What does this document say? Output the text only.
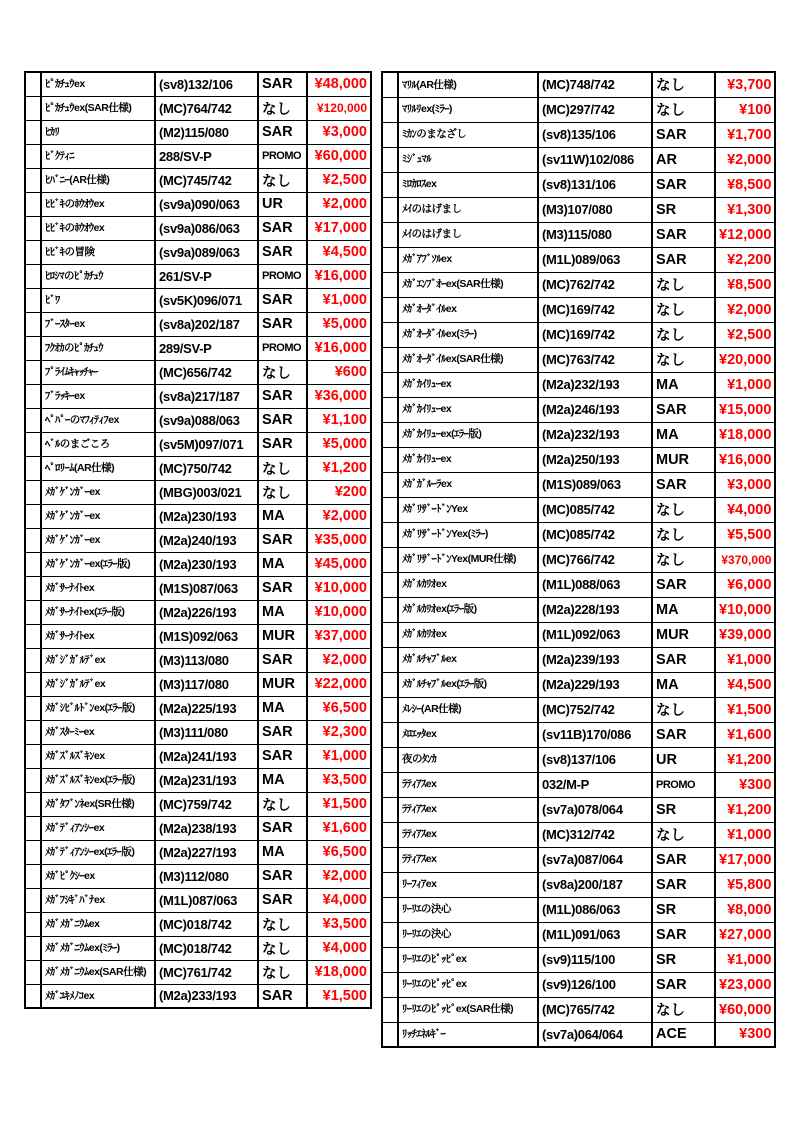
	ﾋﾟｶﾁｭｳex	(sv8)132/106	SAR	¥48,000
	ﾋﾟｶﾁｭｳex(SAR仕様)	(MC)764/742	なし	¥120,000
	ﾋｶﾘ	(M2)115/080	SAR	¥3,000
	ﾋﾞｸﾃｨﾆ	288/SV-P	PROMO	¥60,000
	ﾋﾊﾞﾆｰ(AR仕様)	(MC)745/742	なし	¥2,500
	ﾋﾋﾞｷのﾎｳｵｳex	(sv9a)090/063	UR	¥2,000
	ﾋﾋﾞｷのﾎｳｵｳex	(sv9a)086/063	SAR	¥17,000
	ﾋﾋﾞｷの冒険	(sv9a)089/063	SAR	¥4,500
	ﾋﾛｼﾏのﾋﾟｶﾁｭｳ	261/SV-P	PROMO	¥16,000
	ﾋﾞﾜ	(sv5K)096/071	SAR	¥1,000
	ﾌﾞｰｽﾀｰex	(sv8a)202/187	SAR	¥5,000
	ﾌｸｵｶのﾋﾟｶﾁｭｳ	289/SV-P	PROMO	¥16,000
	ﾌﾟﾗｲﾑｷｬｯﾁｬｰ	(MC)656/742	なし	¥600
	ﾌﾞﾗｯｷｰex	(sv8a)217/187	SAR	¥36,000
	ﾍﾟﾊﾟｰのﾏﾌｨﾃｨﾌex	(sv9a)088/063	SAR	¥1,100
	ﾍﾞﾙのまごころ	(sv5M)097/071	SAR	¥5,000
	ﾍﾟﾛﾘｰﾑ(AR仕様)	(MC)750/742	なし	¥1,200
	ﾒｶﾞｹﾞﾝｶﾞｰex	(MBG)003/021	なし	¥200
	ﾒｶﾞｹﾞﾝｶﾞｰex	(M2a)230/193	MA	¥2,000
	ﾒｶﾞｹﾞﾝｶﾞｰex	(M2a)240/193	SAR	¥35,000
	ﾒｶﾞｹﾞﾝｶﾞｰex(ｴﾗｰ版)	(M2a)230/193	MA	¥45,000
	ﾒｶﾞｻｰﾅｲﾄex	(M1S)087/063	SAR	¥10,000
	ﾒｶﾞｻｰﾅｲﾄex(ｴﾗｰ版)	(M2a)226/193	MA	¥10,000
	ﾒｶﾞｻｰﾅｲﾄex	(M1S)092/063	MUR	¥37,000
	ﾒｶﾞｼﾞｶﾞﾙﾃﾞex	(M3)113/080	SAR	¥2,000
	ﾒｶﾞｼﾞｶﾞﾙﾃﾞex	(M3)117/080	MUR	¥22,000
	ﾒｶﾞｼﾋﾞﾙﾄﾞﾝex(ｴﾗｰ版)	(M2a)225/193	MA	¥6,500
	ﾒｶﾞｽﾀｰﾐｰex	(M3)111/080	SAR	¥2,300
	ﾒｶﾞｽﾞﾙｽﾞｷﾝex	(M2a)241/193	SAR	¥1,000
	ﾒｶﾞｽﾞﾙｽﾞｷﾝex(ｴﾗｰ版)	(M2a)231/193	MA	¥3,500
	ﾒｶﾞﾀﾌﾞﾝﾈex(SR仕様)	(MC)759/742	なし	¥1,500
	ﾒｶﾞﾃﾞｨｱﾝｼｰex	(M2a)238/193	SAR	¥1,600
	ﾒｶﾞﾃﾞｨｱﾝｼｰex(ｴﾗｰ版)	(M2a)227/193	MA	¥6,500
	ﾒｶﾞﾋﾟｸｼｰex	(M3)112/080	SAR	¥2,000
	ﾒｶﾞﾌｼｷﾞﾊﾞﾅex	(M1L)087/063	SAR	¥4,000
	ﾒｶﾞﾒｶﾞﾆｳﾑex	(MC)018/742	なし	¥3,500
	ﾒｶﾞﾒｶﾞﾆｳﾑex(ﾐﾗｰ)	(MC)018/742	なし	¥4,000
	ﾒｶﾞﾒｶﾞﾆｳﾑex(SAR仕様)	(MC)761/742	なし	¥18,000
	ﾒｶﾞﾕｷﾒﾉｺex	(M2a)233/193	SAR	¥1,500
	ﾏﾘﾙ(AR仕様)	(MC)748/742	なし	¥3,700
	ﾏﾘﾙﾘex(ﾐﾗｰ)	(MC)297/742	なし	¥100
	ﾐｶﾝのまなざし	(sv8)135/106	SAR	¥1,700
	ﾐｼﾞｭﾏﾙ	(sv11W)102/086	AR	¥2,000
	ﾐﾛｶﾛｽex	(sv8)131/106	SAR	¥8,500
	ﾒｲのはげまし	(M3)107/080	SR	¥1,300
	ﾒｲのはげまし	(M3)115/080	SAR	¥12,000
	ﾒｶﾞｱﾌﾞｿﾙex	(M1L)089/063	SAR	¥2,200
	ﾒｶﾞｴﾝﾌﾞｵｰex(SAR仕様)	(MC)762/742	なし	¥8,500
	ﾒｶﾞｵｰﾀﾞｲﾙex	(MC)169/742	なし	¥2,000
	ﾒｶﾞｵｰﾀﾞｲﾙex(ﾐﾗｰ)	(MC)169/742	なし	¥2,500
	ﾒｶﾞｵｰﾀﾞｲﾙex(SAR仕様)	(MC)763/742	なし	¥20,000
	ﾒｶﾞｶｲﾘｭｰex	(M2a)232/193	MA	¥1,000
	ﾒｶﾞｶｲﾘｭｰex	(M2a)246/193	SAR	¥15,000
	ﾒｶﾞｶｲﾘｭｰex(ｴﾗｰ版)	(M2a)232/193	MA	¥18,000
	ﾒｶﾞｶｲﾘｭｰex	(M2a)250/193	MUR	¥16,000
	ﾒｶﾞｶﾞﾙｰﾗex	(M1S)089/063	SAR	¥3,000
	ﾒｶﾞﾘｻﾞｰﾄﾞﾝYex	(MC)085/742	なし	¥4,000
	ﾒｶﾞﾘｻﾞｰﾄﾞﾝYex(ﾐﾗｰ)	(MC)085/742	なし	¥5,500
	ﾒｶﾞﾘｻﾞｰﾄﾞﾝYex(MUR仕様)	(MC)766/742	なし	¥370,000
	ﾒｶﾞﾙｶﾘｵex	(M1L)088/063	SAR	¥6,000
	ﾒｶﾞﾙｶﾘｵex(ｴﾗｰ版)	(M2a)228/193	MA	¥10,000
	ﾒｶﾞﾙｶﾘｵex	(M1L)092/063	MUR	¥39,000
	ﾒｶﾞﾙﾁｬﾌﾞﾙex	(M2a)239/193	SAR	¥1,000
	ﾒｶﾞﾙﾁｬﾌﾞﾙex(ｴﾗｰ版)	(M2a)229/193	MA	¥4,500
	ﾒﾚｼｰ(AR仕様)	(MC)752/742	なし	¥1,500
	ﾒﾛｴｯﾀex	(sv11B)170/086	SAR	¥1,600
	夜のﾀﾝｶ	(sv8)137/106	UR	¥1,200
	ﾗﾃｨｱｽex	032/M-P	PROMO	¥300
	ﾗﾃｨｱｽex	(sv7a)078/064	SR	¥1,200
	ﾗﾃｨｱｽex	(MC)312/742	なし	¥1,000
	ﾗﾃｨｱｽex	(sv7a)087/064	SAR	¥17,000
	ﾘｰﾌｨｱex	(sv8a)200/187	SAR	¥5,800
	ﾘｰﾘｴの決心	(M1L)086/063	SR	¥8,000
	ﾘｰﾘｴの決心	(M1L)091/063	SAR	¥27,000
	ﾘｰﾘｴのﾋﾟｯﾋﾟex	(sv9)115/100	SR	¥1,000
	ﾘｰﾘｴのﾋﾟｯﾋﾟex	(sv9)126/100	SAR	¥23,000
	ﾘｰﾘｴのﾋﾟｯﾋﾟex(SAR仕様)	(MC)765/742	なし	¥60,000
	ﾘｯﾁｴﾈﾙｷﾞｰ	(sv7a)064/064	ACE	¥300
